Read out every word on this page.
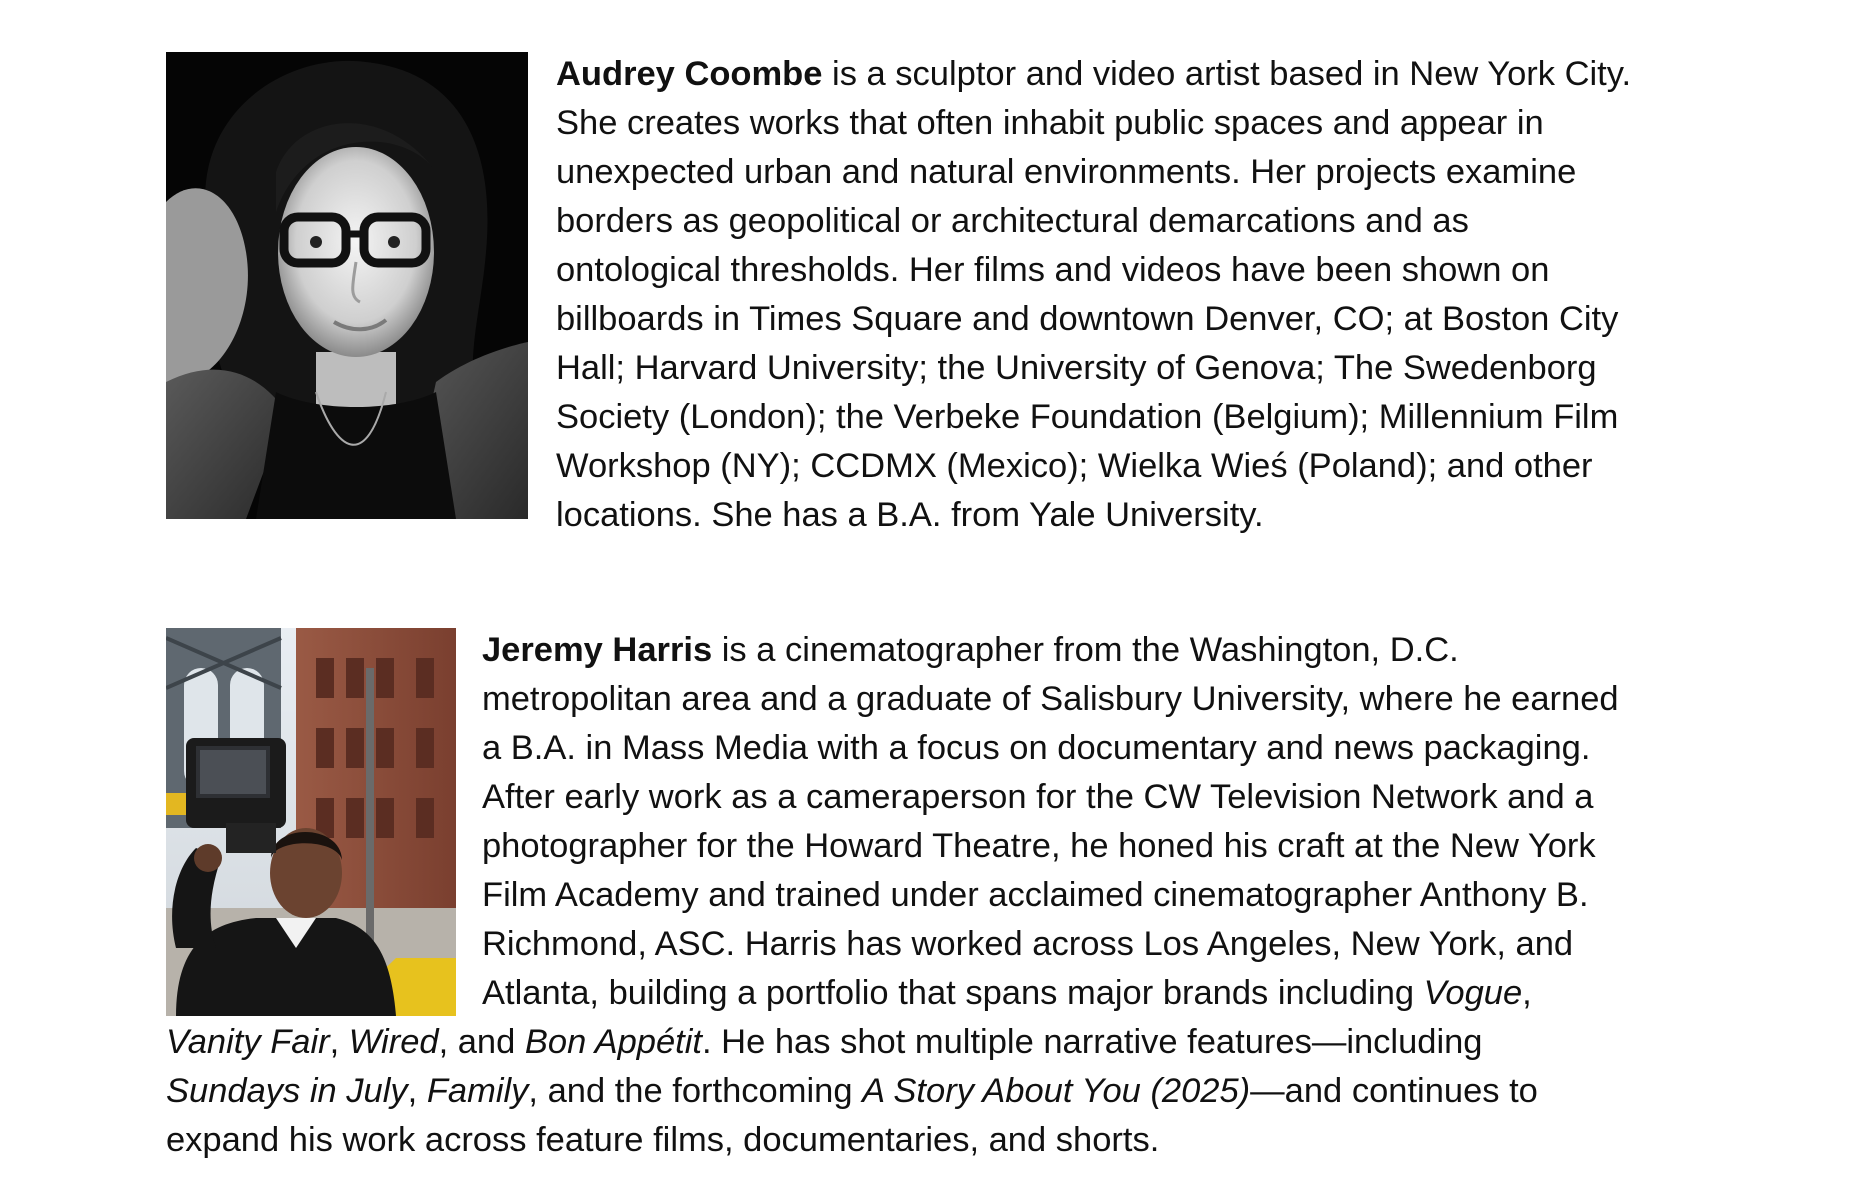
Audrey Coombe is a sculptor and video artist based in New York City.
She creates works that often inhabit public spaces and appear in
unexpected urban and natural environments. Her projects examine
borders as geopolitical or architectural demarcations and as
ontological thresholds. Her films and videos have been shown on
billboards in Times Square and downtown Denver, CO; at Boston City
Hall; Harvard University; the University of Genova; The Swedenborg
Society (London); the Verbeke Foundation (Belgium); Millennium Film
Workshop (NY); CCDMX (Mexico); Wielka Wieś (Poland); and other
locations. She has a B.A. from Yale University.

Jeremy Harris is a cinematographer from the Washington, D.C.
metropolitan area and a graduate of Salisbury University, where he earned
a B.A. in Mass Media with a focus on documentary and news packaging.
After early work as a cameraperson for the CW Television Network and a
photographer for the Howard Theatre, he honed his craft at the New York
Film Academy and trained under acclaimed cinematographer Anthony B.
Richmond, ASC. Harris has worked across Los Angeles, New York, and
Atlanta, building a portfolio that spans major brands including Vogue,
Vanity Fair, Wired, and Bon Appétit. He has shot multiple narrative features—including
Sundays in July, Family, and the forthcoming A Story About You (2025)—and continues to
expand his work across feature films, documentaries, and shorts.
